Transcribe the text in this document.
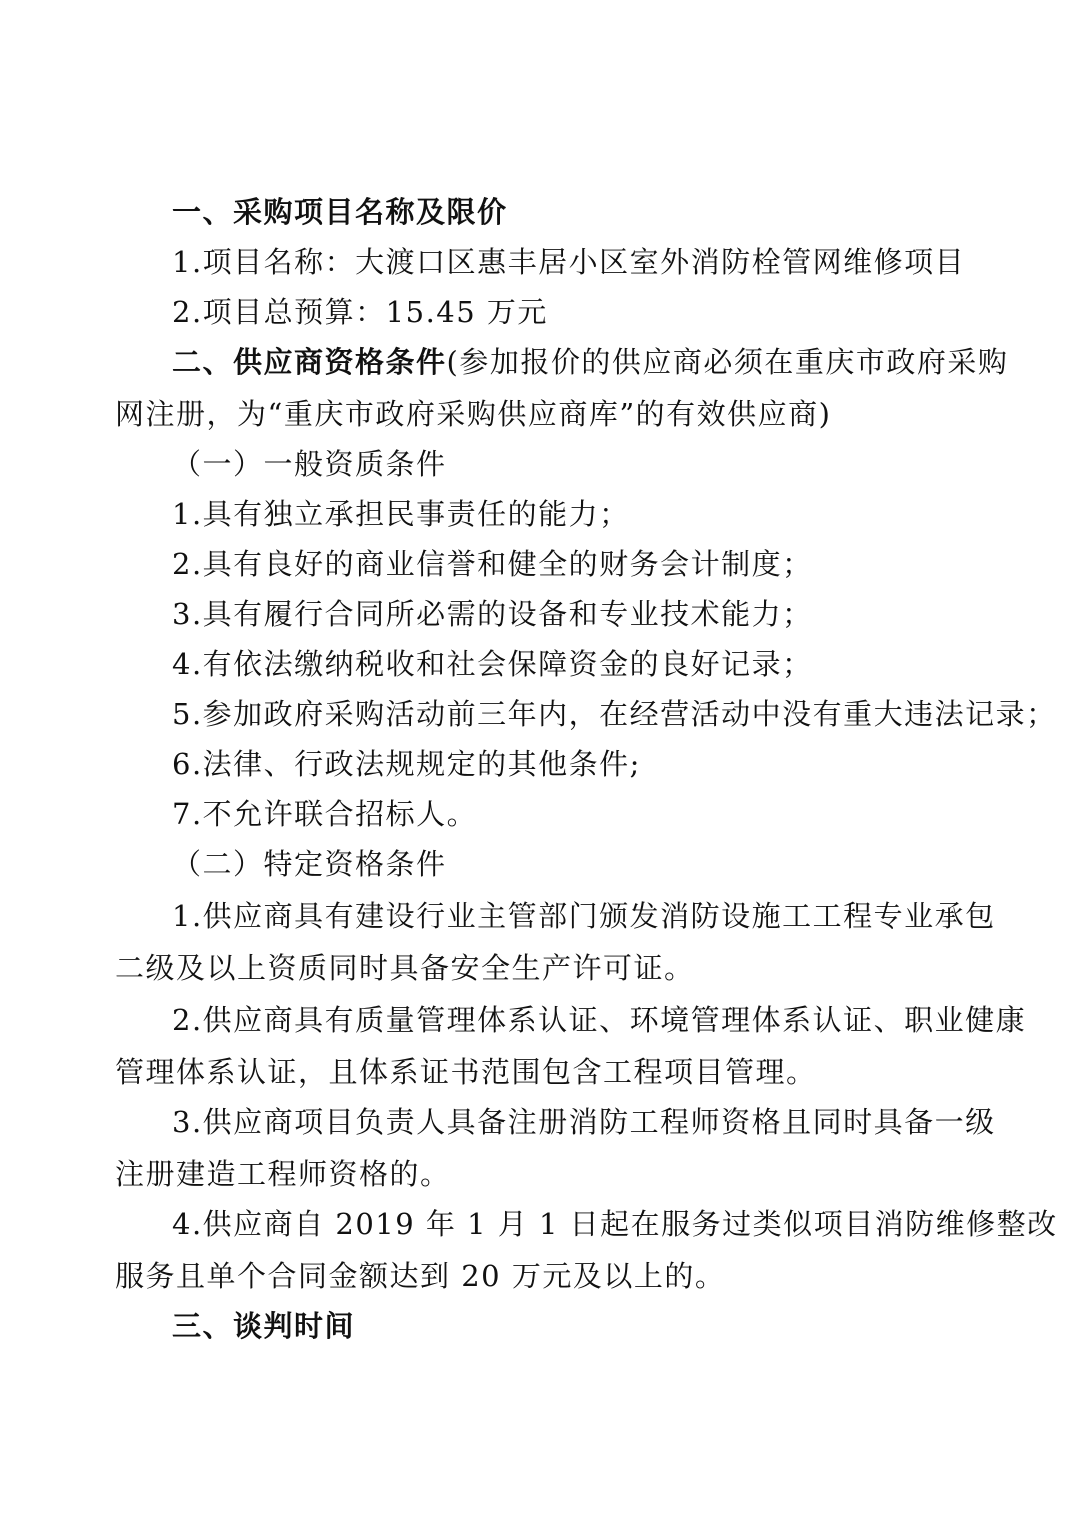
一、采购项目名称及限价
1.项目名称：大渡口区惠丰居小区室外消防栓管网维修项目
2.项目总预算：15.45 万元
二、供应商资格条件(参加报价的供应商必须在重庆市政府采购
网注册，为“重庆市政府采购供应商库”的有效供应商)
（一）一般资质条件
1.具有独立承担民事责任的能力；
2.具有良好的商业信誉和健全的财务会计制度；
3.具有履行合同所必需的设备和专业技术能力；
4.有依法缴纳税收和社会保障资金的良好记录；
5.参加政府采购活动前三年内，在经营活动中没有重大违法记录；
6.法律、行政法规规定的其他条件;
7.不允许联合招标人。
（二）特定资格条件
1.供应商具有建设行业主管部门颁发消防设施工工程专业承包
二级及以上资质同时具备安全生产许可证。
2.供应商具有质量管理体系认证、环境管理体系认证、职业健康
管理体系认证，且体系证书范围包含工程项目管理。
3.供应商项目负责人具备注册消防工程师资格且同时具备一级
注册建造工程师资格的。
4.供应商自 2019 年 1 月 1 日起在服务过类似项目消防维修整改
服务且单个合同金额达到 20 万元及以上的。
三、谈判时间
